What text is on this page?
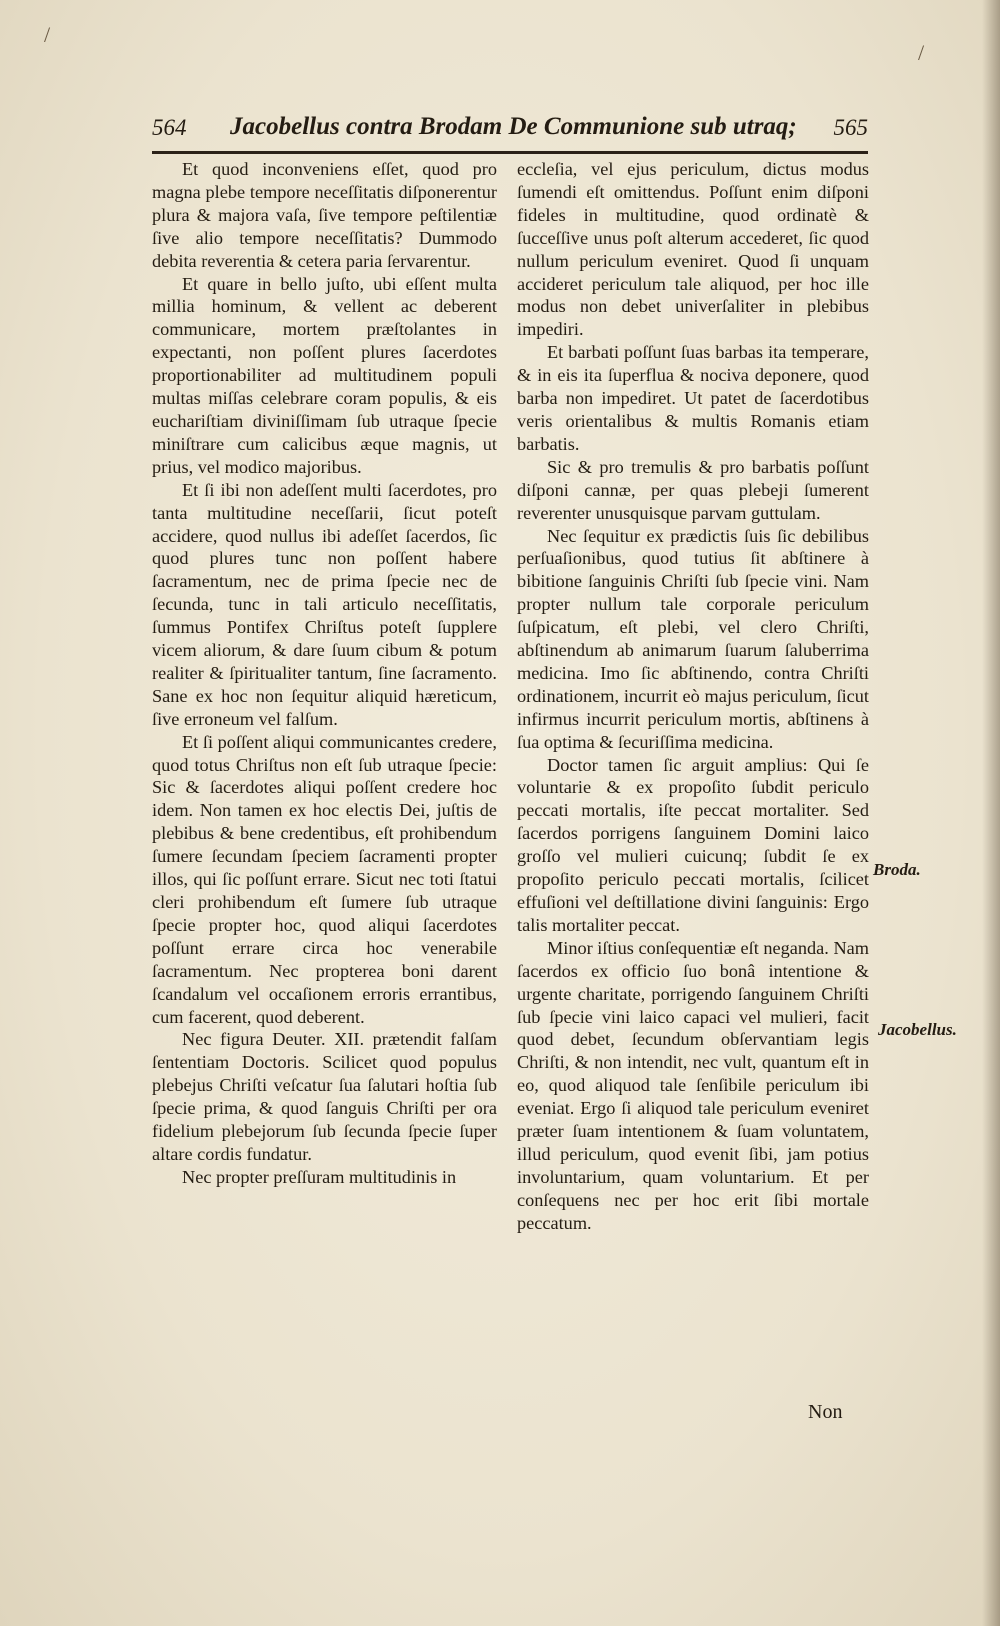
/
/
564 Jacobellus contra Brodam De Communione sub utraq; 565

Et quod inconveniens eſſet, quod pro magna plebe tempore neceſſitatis diſponerentur plura & majora vaſa, ſive tempore peſtilentiæ ſive alio tempore neceſſitatis? Dummodo debita reverentia & cetera paria ſervarentur.

Et quare in bello juſto, ubi eſſent multa millia hominum, & vellent ac deberent communicare, mortem præſtolantes in expectanti, non poſſent plures ſacerdotes proportionabiliter ad multitudinem populi multas miſſas celebrare coram populis, & eis euchariſtiam diviniſſimam ſub utraque ſpecie miniſtrare cum calicibus æque magnis, ut prius, vel modico majoribus.

Et ſi ibi non adeſſent multi ſacerdotes, pro tanta multitudine neceſſarii, ſicut poteſt accidere, quod nullus ibi adeſſet ſacerdos, ſic quod plures tunc non poſſent habere ſacramentum, nec de prima ſpecie nec de ſecunda, tunc in tali articulo neceſſitatis, ſummus Pontifex Chriſtus poteſt ſupplere vicem aliorum, & dare ſuum cibum & potum realiter & ſpiritualiter tantum, ſine ſacramento. Sane ex hoc non ſequitur aliquid hæreticum, ſive erroneum vel falſum.

Et ſi poſſent aliqui communicantes credere, quod totus Chriſtus non eſt ſub utraque ſpecie: Sic & ſacerdotes aliqui poſſent credere hoc idem. Non tamen ex hoc electis Dei, juſtis de plebibus & bene credentibus, eſt prohibendum ſumere ſecundam ſpeciem ſacramenti propter illos, qui ſic poſſunt errare. Sicut nec toti ſtatui cleri prohibendum eſt ſumere ſub utraque ſpecie propter hoc, quod aliqui ſacerdotes poſſunt errare circa hoc venerabile ſacramentum. Nec propterea boni darent ſcandalum vel occaſionem erroris errantibus, cum facerent, quod deberent.

Nec figura Deuter. XII. prætendit falſam ſententiam Doctoris. Scilicet quod populus plebejus Chriſti veſcatur ſua ſalutari hoſtia ſub ſpecie prima, & quod ſanguis Chriſti per ora fidelium plebejorum ſub ſecunda ſpecie ſuper altare cordis fundatur.

Nec propter preſſuram multitudinis in

eccleſia, vel ejus periculum, dictus modus ſumendi eſt omittendus. Poſſunt enim diſponi fideles in multitudine, quod ordinatè & ſucceſſive unus poſt alterum accederet, ſic quod nullum periculum eveniret. Quod ſi unquam accideret periculum tale aliquod, per hoc ille modus non debet univerſaliter in plebibus impediri.

Et barbati poſſunt ſuas barbas ita temperare, & in eis ita ſuperflua & nociva deponere, quod barba non impediret. Ut patet de ſacerdotibus veris orientalibus & multis Romanis etiam barbatis.

Sic & pro tremulis & pro barbatis poſſunt diſponi cannæ, per quas plebeji ſumerent reverenter unusquisque parvam guttulam.

Nec ſequitur ex prædictis ſuis ſic debilibus perſuaſionibus, quod tutius ſit abſtinere à bibitione ſanguinis Chriſti ſub ſpecie vini. Nam propter nullum tale corporale periculum ſuſpicatum, eſt plebi, vel clero Chriſti, abſtinendum ab animarum ſuarum ſaluberrima medicina. Imo ſic abſtinendo, contra Chriſti ordinationem, incurrit eò majus periculum, ſicut infirmus incurrit periculum mortis, abſtinens à ſua optima & ſecuriſſima medicina.

Doctor tamen ſic arguit amplius: Qui ſe voluntarie & ex propoſito ſubdit periculo peccati mortalis, iſte peccat mortaliter. Sed ſacerdos porrigens ſanguinem Domini laico groſſo vel mulieri cuicunq; ſubdit ſe ex propoſito periculo peccati mortalis, ſcilicet effuſioni vel deſtillatione divini ſanguinis: Ergo talis mortaliter peccat.

Minor iſtius conſequentiæ eſt neganda. Nam ſacerdos ex officio ſuo bonâ intentione & urgente charitate, porrigendo ſanguinem Chriſti ſub ſpecie vini laico capaci vel mulieri, facit quod debet, ſecundum obſervantiam legis Chriſti, & non intendit, nec vult, quantum eſt in eo, quod aliquod tale ſenſibile periculum ibi eveniat. Ergo ſi aliquod tale periculum eveniret præter ſuam intentionem & ſuam voluntatem, illud periculum, quod evenit ſibi, jam potius involuntarium, quam voluntarium. Et per conſequens nec per hoc erit ſibi mortale peccatum.

Broda.
Jacobellus.
Non
